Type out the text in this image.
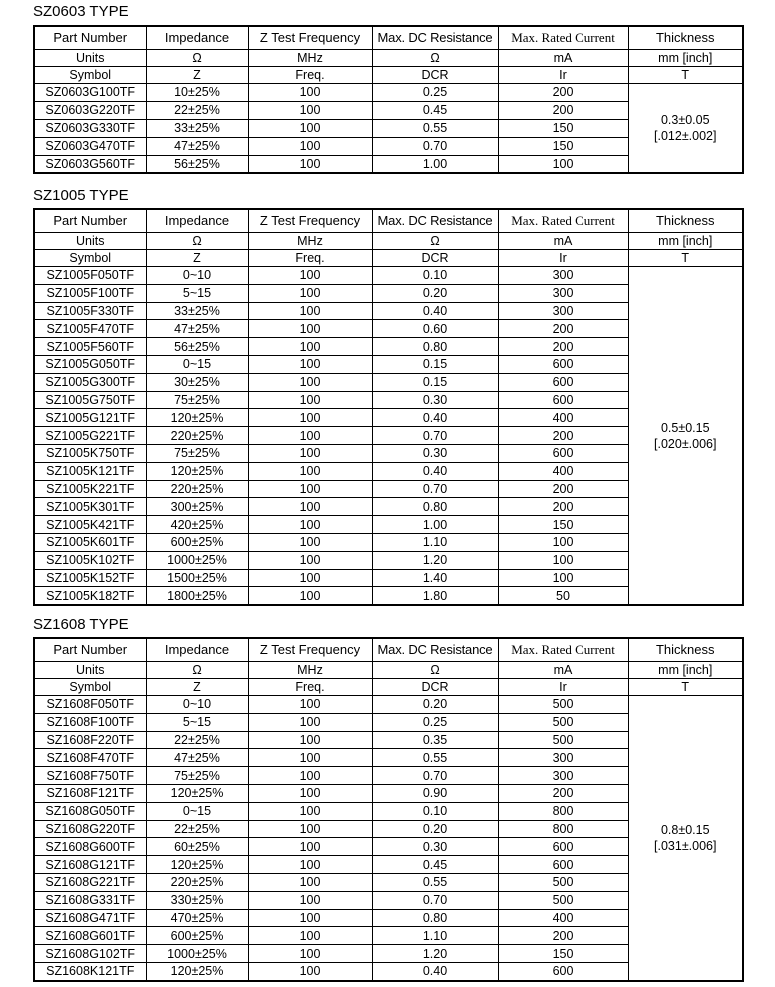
SZ0603 TYPE
Part Number	Impedance	Z Test Frequency	Max. DC Resistance	Max. Rated Current	Thickness
Units	Ω	MHz	Ω	mA	mm [inch]
Symbol	Z	Freq.	DCR	Ir	T
SZ0603G100TF	10±25%	100	0.25	200	0.3±0.05
[.012±.002]

SZ0603G220TF	22±25%	100	0.45	200	
SZ0603G330TF	33±25%	100	0.55	150	
SZ0603G470TF	47±25%	100	0.70	150	
SZ0603G560TF	56±25%	100	1.00	100	
SZ1005 TYPE
Part Number	Impedance	Z Test Frequency	Max. DC Resistance	Max. Rated Current	Thickness
Units	Ω	MHz	Ω	mA	mm [inch]
Symbol	Z	Freq.	DCR	Ir	T
SZ1005F050TF	0~10	100	0.10	300	0.5±0.15
[.020±.006]

SZ1005F100TF	5~15	100	0.20	300	
SZ1005F330TF	33±25%	100	0.40	300	
SZ1005F470TF	47±25%	100	0.60	200	
SZ1005F560TF	56±25%	100	0.80	200	
SZ1005G050TF	0~15	100	0.15	600	
SZ1005G300TF	30±25%	100	0.15	600	
SZ1005G750TF	75±25%	100	0.30	600	
SZ1005G121TF	120±25%	100	0.40	400	
SZ1005G221TF	220±25%	100	0.70	200	
SZ1005K750TF	75±25%	100	0.30	600	
SZ1005K121TF	120±25%	100	0.40	400	
SZ1005K221TF	220±25%	100	0.70	200	
SZ1005K301TF	300±25%	100	0.80	200	
SZ1005K421TF	420±25%	100	1.00	150	
SZ1005K601TF	600±25%	100	1.10	100	
SZ1005K102TF	1000±25%	100	1.20	100	
SZ1005K152TF	1500±25%	100	1.40	100	
SZ1005K182TF	1800±25%	100	1.80	50	
SZ1608 TYPE
Part Number	Impedance	Z Test Frequency	Max. DC Resistance	Max. Rated Current	Thickness
Units	Ω	MHz	Ω	mA	mm [inch]
Symbol	Z	Freq.	DCR	Ir	T
SZ1608F050TF	0~10	100	0.20	500	0.8±0.15
[.031±.006]

SZ1608F100TF	5~15	100	0.25	500	
SZ1608F220TF	22±25%	100	0.35	500	
SZ1608F470TF	47±25%	100	0.55	300	
SZ1608F750TF	75±25%	100	0.70	300	
SZ1608F121TF	120±25%	100	0.90	200	
SZ1608G050TF	0~15	100	0.10	800	
SZ1608G220TF	22±25%	100	0.20	800	
SZ1608G600TF	60±25%	100	0.30	600	
SZ1608G121TF	120±25%	100	0.45	600	
SZ1608G221TF	220±25%	100	0.55	500	
SZ1608G331TF	330±25%	100	0.70	500	
SZ1608G471TF	470±25%	100	0.80	400	
SZ1608G601TF	600±25%	100	1.10	200	
SZ1608G102TF	1000±25%	100	1.20	150	
SZ1608K121TF	120±25%	100	0.40	600	
